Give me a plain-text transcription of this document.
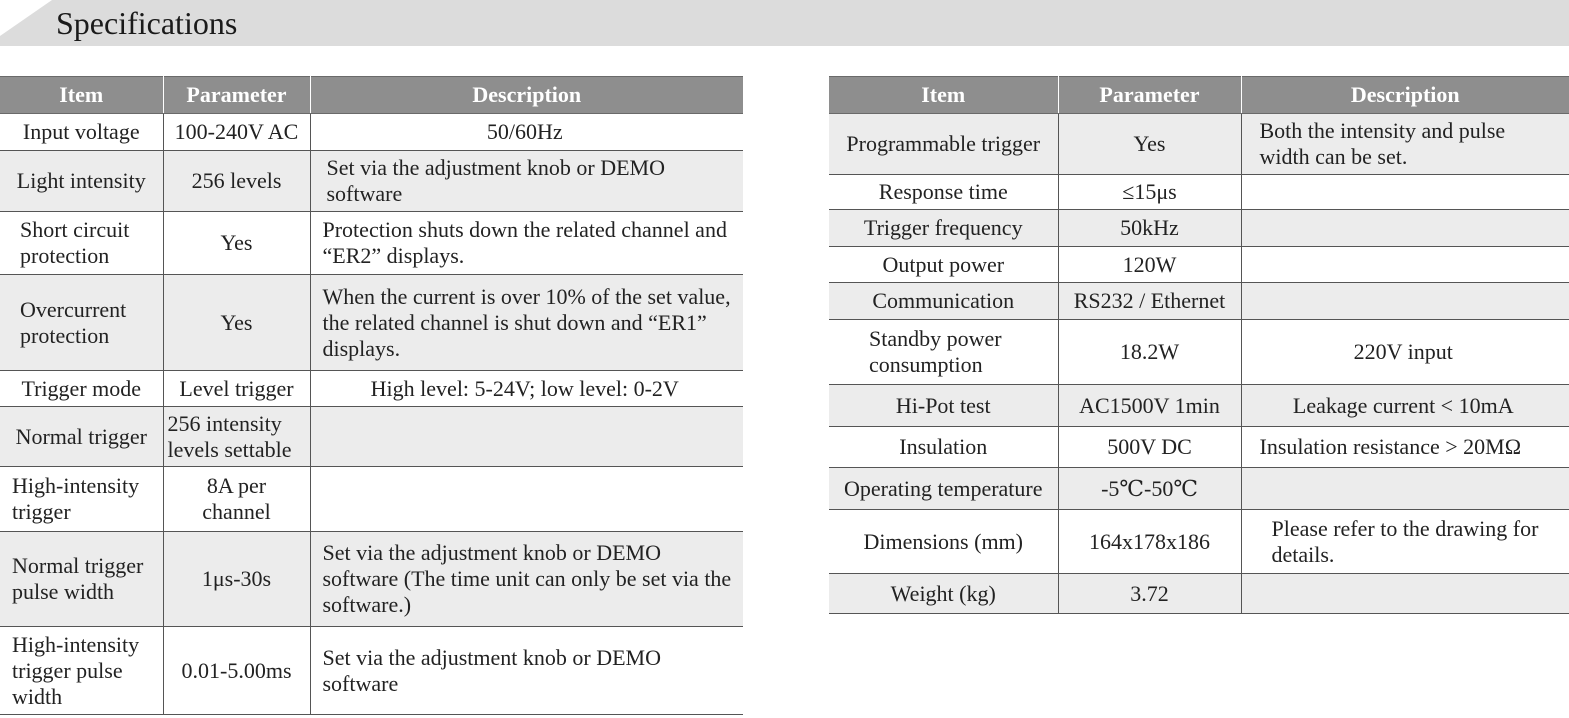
Specifications
Item	Parameter	Description
Input voltage	100-240V AC	50/60Hz
Light intensity	256 levels	Set via the adjustment knob or DEMO software
Short circuit protection	Yes	Protection shuts down the related channel and “ER2” displays.
Overcurrent protection	Yes	When the current is over 10% of the set value, the related channel is shut down and “ER1” displays.
Trigger mode	Level trigger	High level: 5-24V; low level: 0-2V
Normal trigger	256 intensity levels settable	
High-intensity trigger	8A per channel	
Normal trigger pulse width	1μs-30s	Set via the adjustment knob or DEMO software (The time unit can only be set via the software.)
High-intensity trigger pulse width	0.01-5.00ms	Set via the adjustment knob or DEMO software
Item	Parameter	Description
Programmable trigger	Yes	Both the intensity and pulse width can be set.
Response time	≤15μs	
Trigger frequency	50kHz	
Output power	120W	
Communication	RS232 / Ethernet	
Standby power consumption	18.2W	220V input
Hi-Pot test	AC1500V 1min	Leakage current < 10mA
Insulation	500V DC	Insulation resistance > 20MΩ
Operating temperature	-5℃-50℃	
Dimensions (mm)	164x178x186	Please refer to the drawing for details.
Weight (kg)	3.72	
